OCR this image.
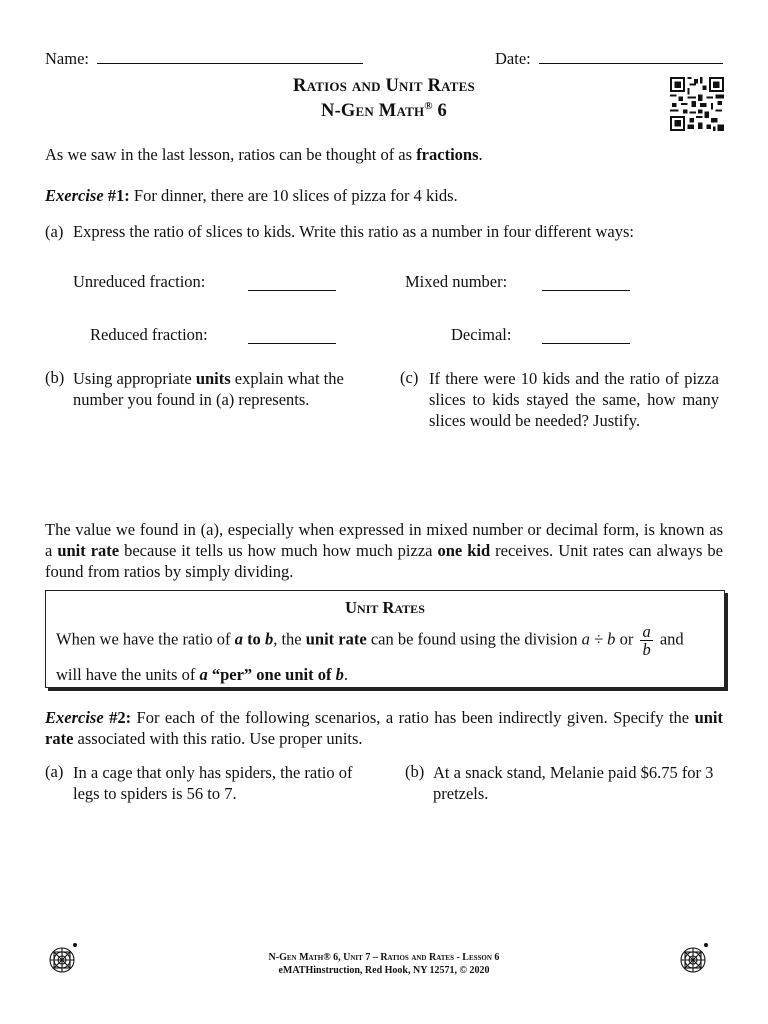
Name:	Date:
Ratios and Unit Rates
N-Gen Math® 6
As we saw in the last lesson, ratios can be thought of as fractions.
Exercise #1: For dinner, there are 10 slices of pizza for 4 kids.
(a) Express the ratio of slices to kids. Write this ratio as a number in four different ways:
Unreduced fraction:	Mixed number:
Reduced fraction:	Decimal:
(b) Using appropriate units explain what the number you found in (a) represents.
(c) If there were 10 kids and the ratio of pizza slices to kids stayed the same, how many slices would be needed? Justify.
The value we found in (a), especially when expressed in mixed number or decimal form, is known as a unit rate because it tells us how much how much pizza one kid receives. Unit rates can always be found from ratios by simply dividing.
Unit Rates
When we have the ratio of a to b, the unit rate can be found using the division a ÷ b or $\frac{a}{b}$ and
will have the units of a “per” one unit of b.
Exercise #2: For each of the following scenarios, a ratio has been indirectly given. Specify the unit rate associated with this ratio. Use proper units.
(a) In a cage that only has spiders, the ratio of legs to spiders is 56 to 7.
(b) At a snack stand, Melanie paid $6.75 for 3 pretzels.
N-Gen Math® 6, Unit 7 – Ratios and Rates - Lesson 6
eMATHinstruction, Red Hook, NY 12571, © 2020
